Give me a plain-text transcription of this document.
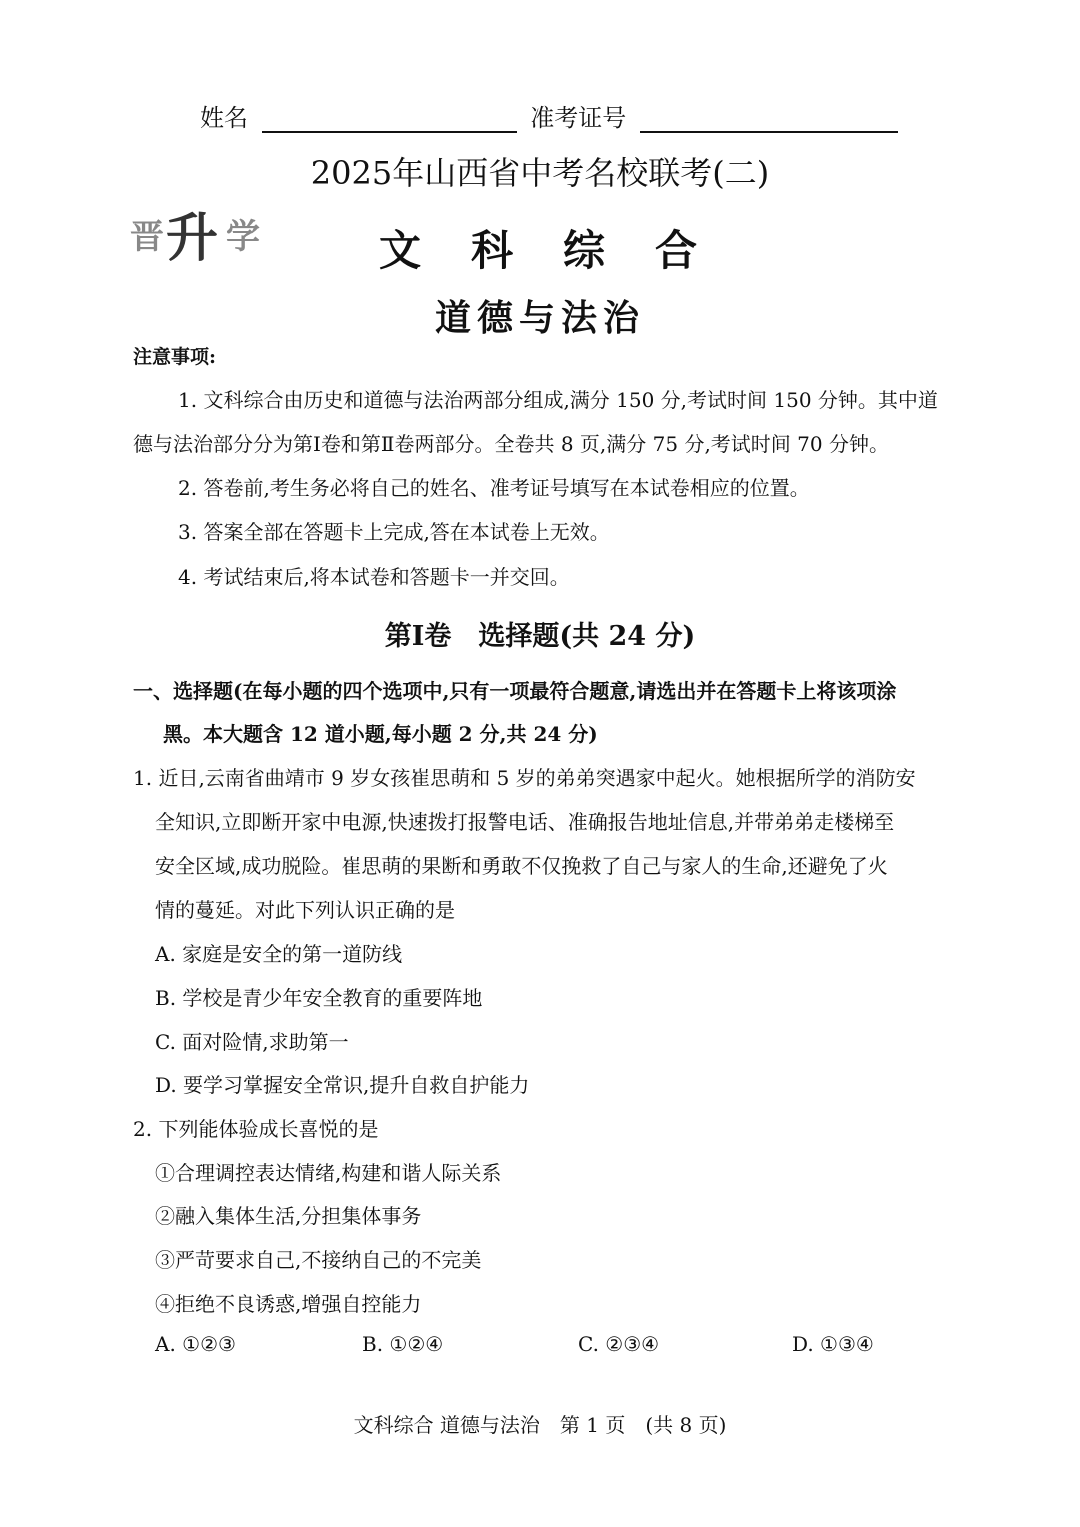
姓名	准考证号
2025年山西省中考名校联考(二)
晋 升 学	文　科　综　合
道德与法治
注意事项:
1. 文科综合由历史和道德与法治两部分组成,满分 150 分,考试时间 150 分钟。其中道
德与法治部分分为第Ⅰ卷和第Ⅱ卷两部分。全卷共 8 页,满分 75 分,考试时间 70 分钟。
2. 答卷前,考生务必将自己的姓名、准考证号填写在本试卷相应的位置。
3. 答案全部在答题卡上完成,答在本试卷上无效。
4. 考试结束后,将本试卷和答题卡一并交回。
第Ⅰ卷　选择题(共 24 分)
一、选择题(在每小题的四个选项中,只有一项最符合题意,请选出并在答题卡上将该项涂
黑。本大题含 12 道小题,每小题 2 分,共 24 分)
1. 近日,云南省曲靖市 9 岁女孩崔思萌和 5 岁的弟弟突遇家中起火。她根据所学的消防安
全知识,立即断开家中电源,快速拨打报警电话、准确报告地址信息,并带弟弟走楼梯至
安全区域,成功脱险。崔思萌的果断和勇敢不仅挽救了自己与家人的生命,还避免了火
情的蔓延。对此下列认识正确的是
A. 家庭是安全的第一道防线
B. 学校是青少年安全教育的重要阵地
C. 面对险情,求助第一
D. 要学习掌握安全常识,提升自救自护能力
2. 下列能体验成长喜悦的是
①合理调控表达情绪,构建和谐人际关系
②融入集体生活,分担集体事务
③严苛要求自己,不接纳自己的不完美
④拒绝不良诱惑,增强自控能力
A. ①②③	B. ①②④	C. ②③④	D. ①③④
文科综合 道德与法治　第 1 页　(共 8 页)
